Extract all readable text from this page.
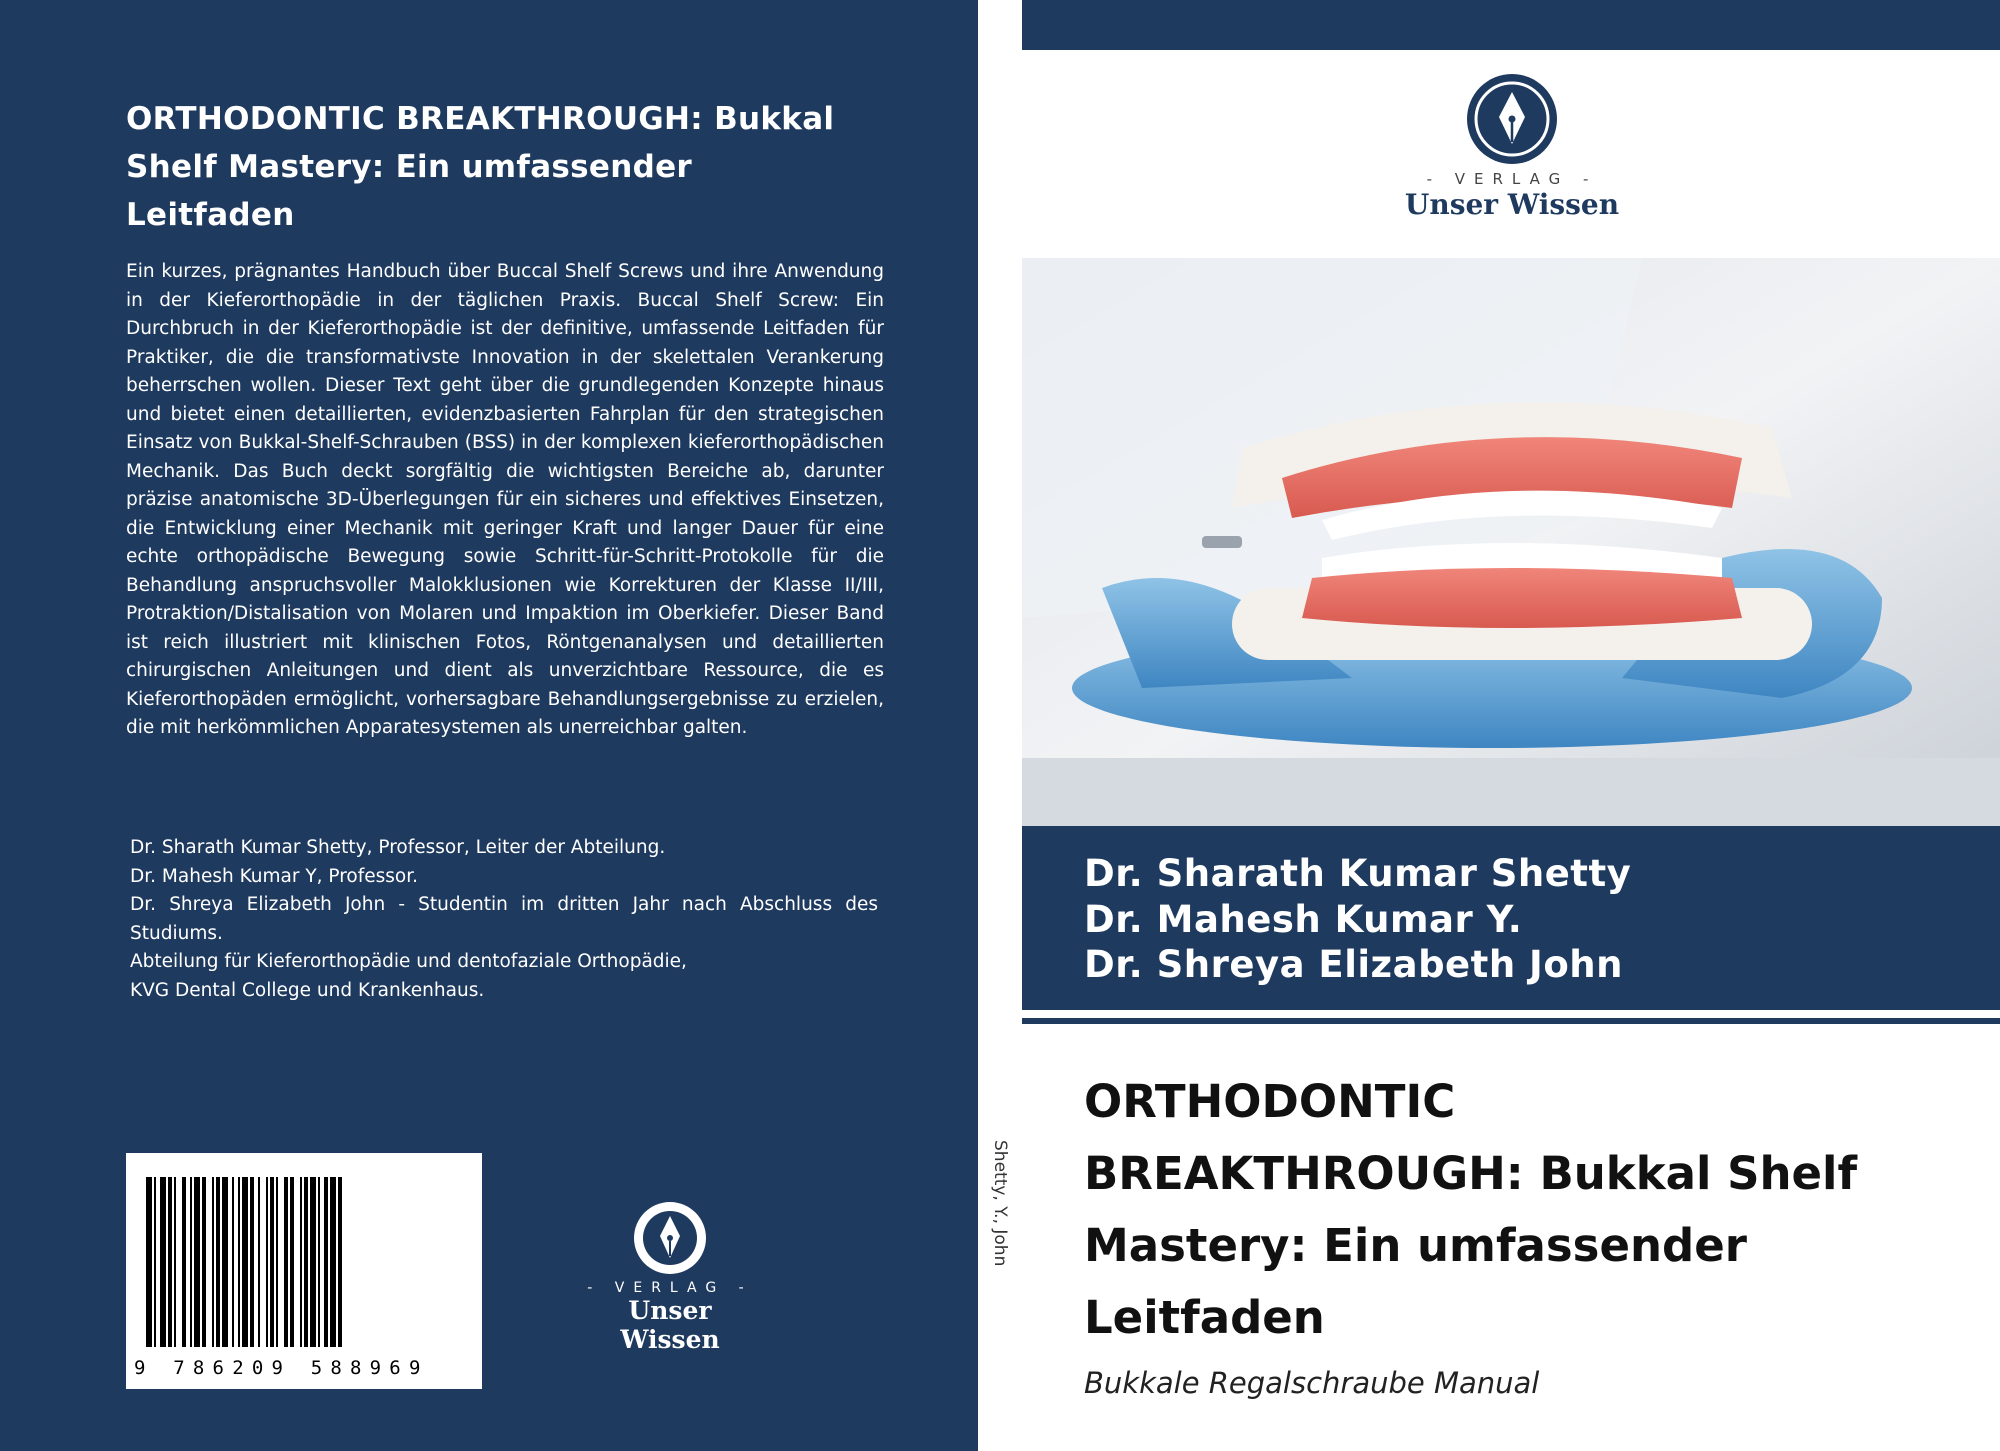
ORTHODONTIC BREAKTHROUGH: Bukkal
Shelf Mastery: Ein umfassender
Leitfaden
Ein kurzes, prägnantes Handbuch über Buccal Shelf Screws und ihre Anwendung in der Kieferorthopädie in der täglichen Praxis. Buccal Shelf Screw: Ein Durchbruch in der Kieferorthopädie ist der definitive, umfassende Leitfaden für Praktiker, die die transformativste Innovation in der skelettalen Verankerung beherrschen wollen. Dieser Text geht über die grundlegenden Konzepte hinaus und bietet einen detaillierten, evidenzbasierten Fahrplan für den strategischen Einsatz von Bukkal-Shelf-Schrauben (BSS) in der komplexen kieferorthopädischen Mechanik. Das Buch deckt sorgfältig die wichtigsten Bereiche ab, darunter präzise anatomische 3D-Überlegungen für ein sicheres und effektives Einsetzen, die Entwicklung einer Mechanik mit geringer Kraft und langer Dauer für eine echte orthopädische Bewegung sowie Schritt-für-Schritt-Protokolle für die Behandlung anspruchsvoller Malokklusionen wie Korrekturen der Klasse II/III, Protraktion/Distalisation von Molaren und Impaktion im Oberkiefer. Dieser Band ist reich illustriert mit klinischen Fotos, Röntgenanalysen und detaillierten chirurgischen Anleitungen und dient als unverzichtbare Ressource, die es Kieferorthopäden ermöglicht, vorhersagbare Behandlungsergebnisse zu erzielen, die mit herkömmlichen Apparatesystemen als unerreichbar galten.
Dr. Sharath Kumar Shetty, Professor, Leiter der Abteilung.
Dr. Mahesh Kumar Y, Professor.
Dr. Shreya Elizabeth John - Studentin im dritten Jahr nach Abschluss des Studiums.
Abteilung für Kieferorthopädie und dentofaziale Orthopädie,
KVG Dental College und Krankenhaus.
9 786209 588969
- VERLAG -
Unser Wissen
Shetty, Y., John
- VERLAG -
Unser Wissen
Dr. Sharath Kumar Shetty
Dr. Mahesh Kumar Y.
Dr. Shreya Elizabeth John
ORTHODONTIC
BREAKTHROUGH: Bukkal Shelf
Mastery: Ein umfassender
Leitfaden
Bukkale Regalschraube Manual
